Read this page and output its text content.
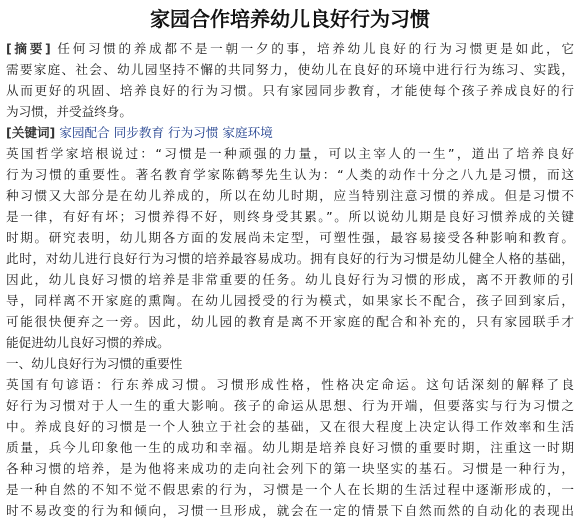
家园合作培养幼儿良好行为习惯
[摘要] 任何习惯的养成都不是一朝一夕的事，培养幼儿良好的行为习惯更是如此，它
需要家庭、社会、幼儿园坚持不懈的共同努力，使幼儿在良好的环境中进行行为练习、实践，
从而更好的巩固、培养良好的行为习惯。只有家园同步教育，才能使每个孩子养成良好的行
为习惯，并受益终身。
[关键词] 家园配合 同步教育 行为习惯 家庭环境
英国哲学家培根说过：“习惯是一种顽强的力量，可以主宰人的一生”，道出了培养良好
行为习惯的重要性。著名教育学家陈鹤琴先生认为：“人类的动作十分之八九是习惯，而这
种习惯又大部分是在幼儿养成的，所以在幼儿时期，应当特别注意习惯的养成。但是习惯不
是一律，有好有坏；习惯养得不好，则终身受其累。”。所以说幼儿期是良好习惯养成的关键
时期。研究表明，幼儿期各方面的发展尚未定型，可塑性强，最容易接受各种影响和教育。
此时，对幼儿进行良好行为习惯的培养最容易成功。拥有良好的行为习惯是幼儿健全人格的基础，
因此，幼儿良好习惯的培养是非常重要的任务。幼儿良好行为习惯的形成，离不开教师的引
导，同样离不开家庭的熏陶。在幼儿园授受的行为模式，如果家长不配合，孩子回到家后，
可能很快便弃之一旁。因此，幼儿园的教育是离不开家庭的配合和补充的，只有家园联手才
能促进幼儿良好习惯的养成。
一、幼儿良好行为习惯的重要性
英国有句谚语：行东养成习惯。习惯形成性格，性格决定命运。这句话深刻的解释了良
好行为习惯对于人一生的重大影响。孩子的命运从思想、行为开端，但要落实与行为习惯之
中。养成良好的习惯是一个人独立于社会的基础，又在很大程度上决定认得工作效率和生活
质量，兵今儿印象他一生的成功和幸福。幼儿期是培养良好习惯的重要时期，注重这一时期
各种习惯的培养，是为他将来成功的走向社会列下的第一块坚实的基石。习惯是一种行为，
是一种自然的不知不觉不假思索的行为，习惯是一个人在长期的生活过程中逐渐形成的，一
时不易改变的行为和倾向，习惯一旦形成，就会在一定的情景下自然而然的自动化的表现出
